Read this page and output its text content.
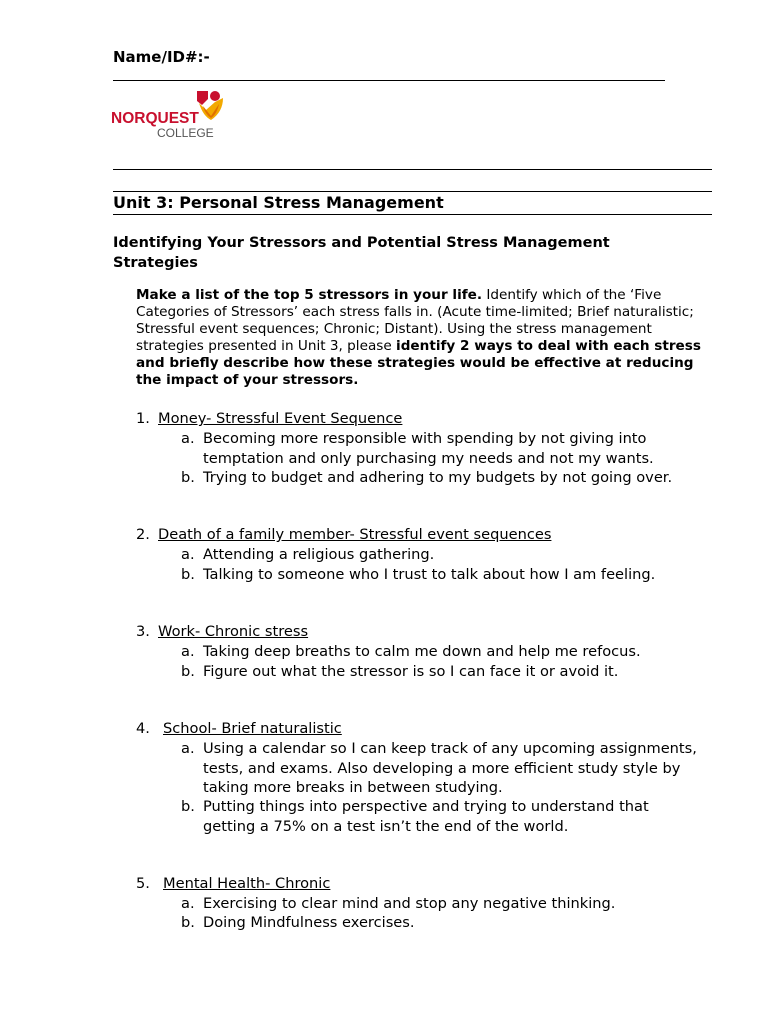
Name/ID#:-
NORQUEST
COLLEGE
Unit 3: Personal Stress Management
Identifying Your Stressors and Potential Stress Management Strategies
Make a list of the top 5 stressors in your life. Identify which of the ‘Five Categories of Stressors’ each stress falls in. (Acute time-limited; Brief naturalistic; Stressful event sequences; Chronic; Distant). Using the stress management strategies presented in Unit 3, please identify 2 ways to deal with each stress and briefly describe how these strategies would be effective at reducing the impact of your stressors.
1. Money- Stressful Event Sequence
a. Becoming more responsible with spending by not giving into temptation and only purchasing my needs and not my wants.
b. Trying to budget and adhering to my budgets by not going over.
2. Death of a family member- Stressful event sequences
a. Attending a religious gathering.
b. Talking to someone who I trust to talk about how I am feeling.
3. Work- Chronic stress
a. Taking deep breaths to calm me down and help me refocus.
b. Figure out what the stressor is so I can face it or avoid it.
4. School- Brief naturalistic
a. Using a calendar so I can keep track of any upcoming assignments, tests, and exams. Also developing a more efficient study style by taking more breaks in between studying.
b. Putting things into perspective and trying to understand that getting a 75% on a test isn’t the end of the world.
5. Mental Health- Chronic
a. Exercising to clear mind and stop any negative thinking.
b. Doing Mindfulness exercises.
